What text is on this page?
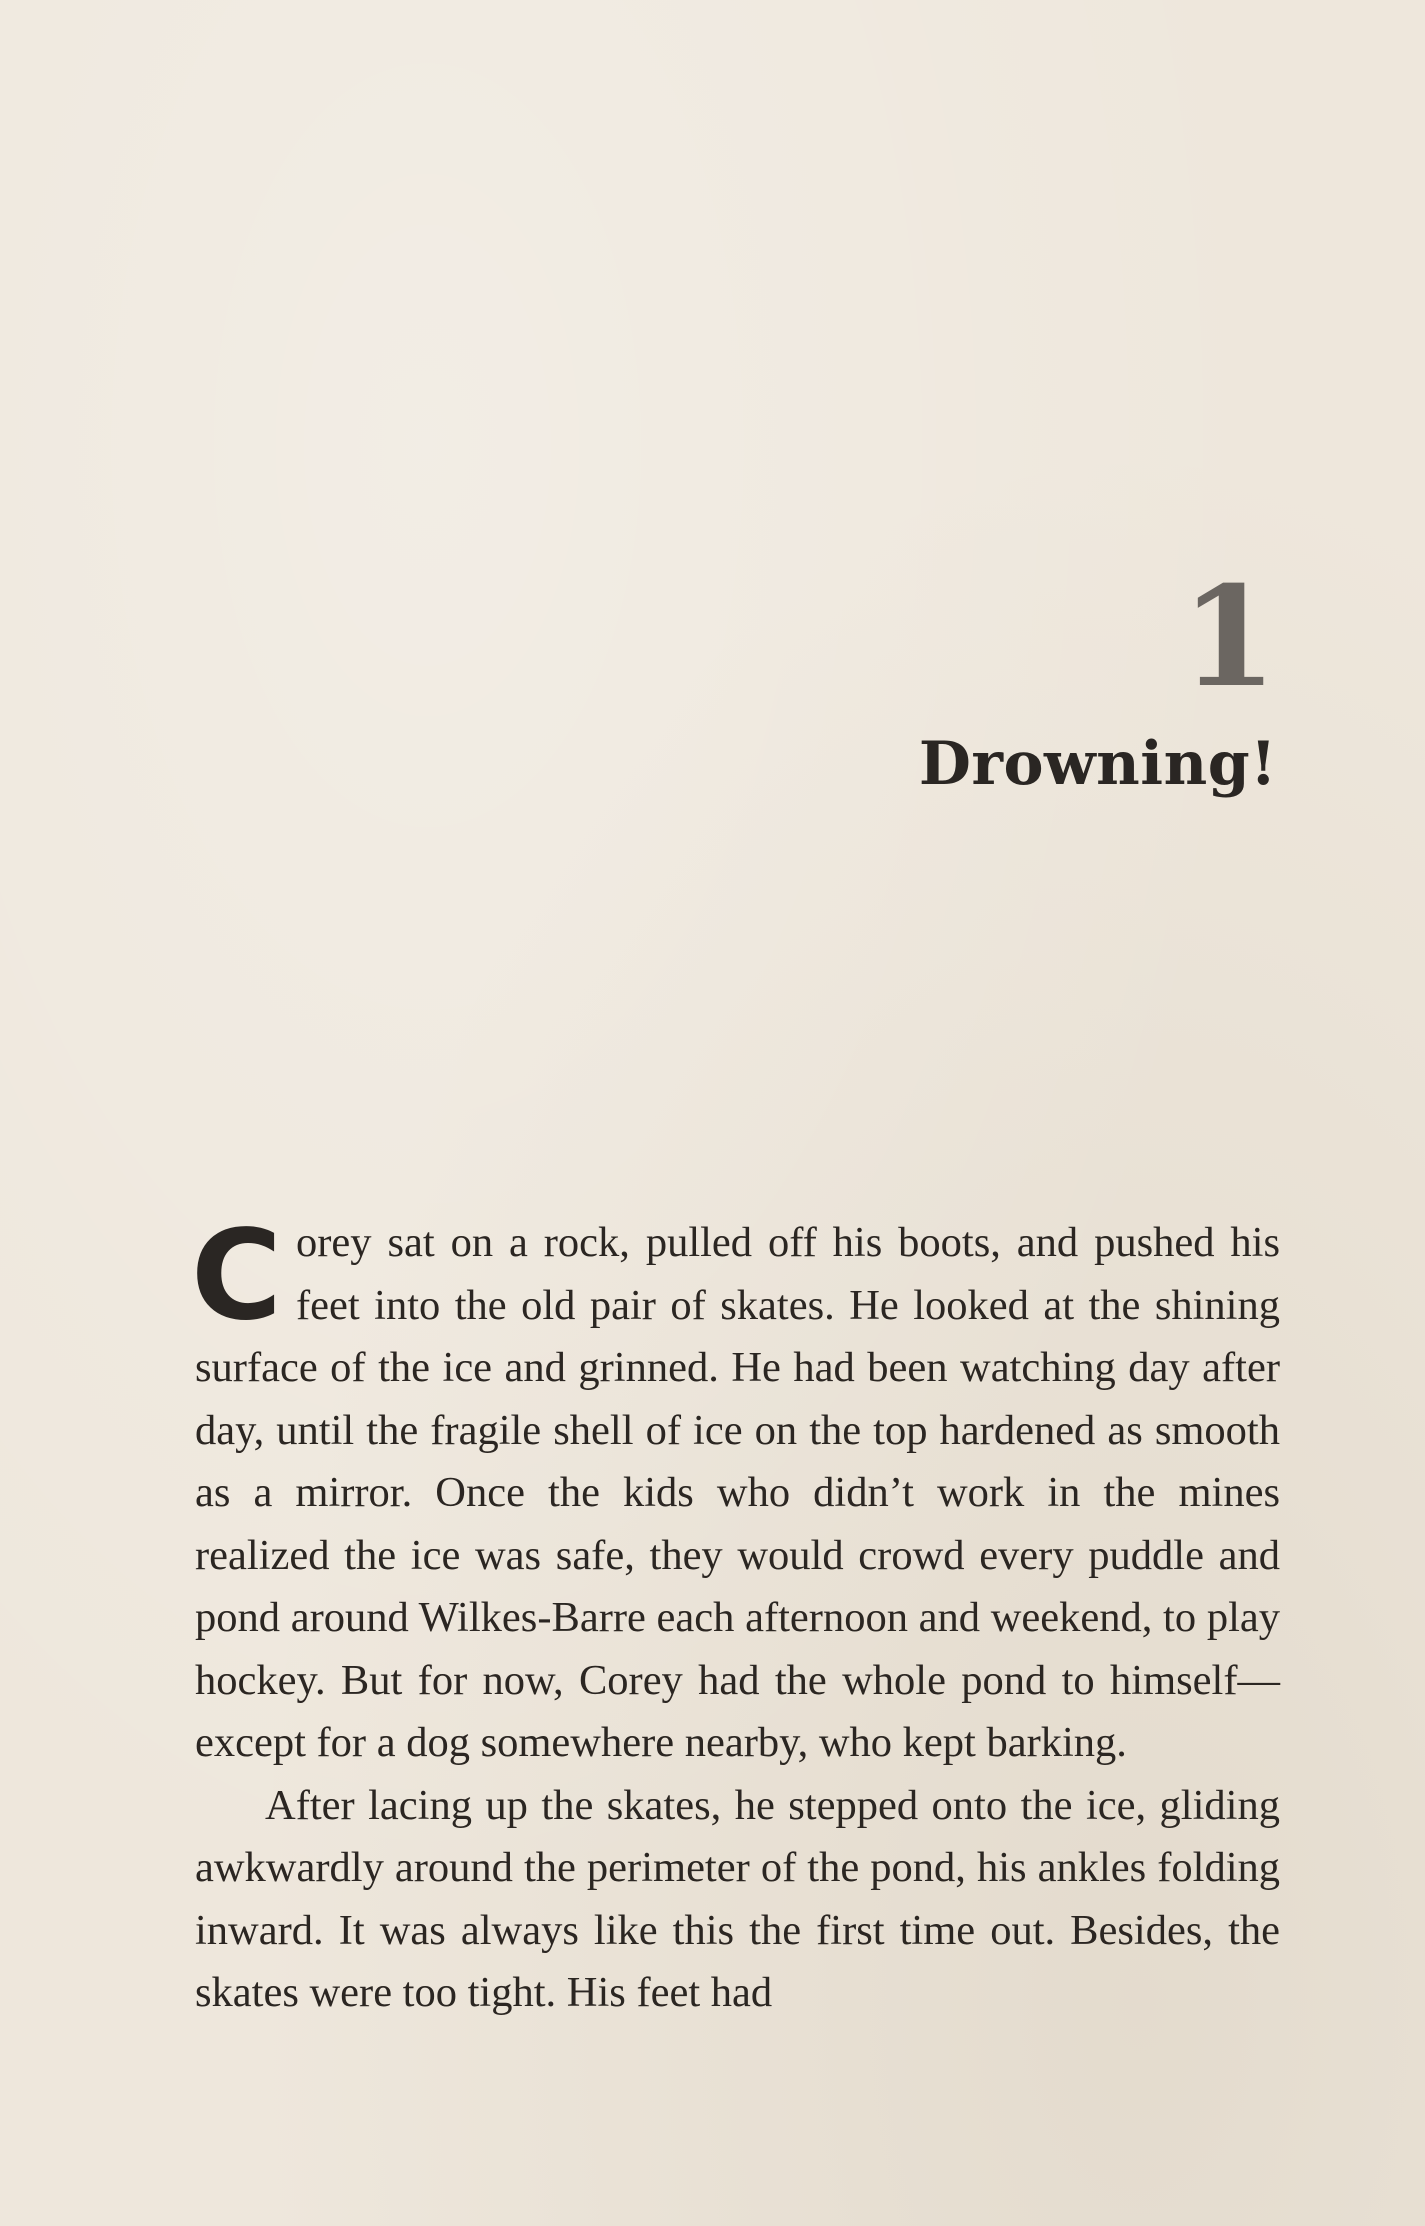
1
Drowning!

Corey sat on a rock, pulled off his boots, and pushed his feet into the old pair of skates. He looked at the shining surface of the ice and grinned. He had been watching day after day, until the fragile shell of ice on the top hardened as smooth as a mirror. Once the kids who didn’t work in the mines realized the ice was safe, they would crowd every puddle and pond around Wilkes-Barre each afternoon and weekend, to play hockey. But for now, Corey had the whole pond to himself—except for a dog somewhere nearby, who kept barking.

After lacing up the skates, he stepped onto the ice, gliding awkwardly around the perimeter of the pond, his ankles folding inward. It was always like this the first time out. Besides, the skates were too tight. His feet had
